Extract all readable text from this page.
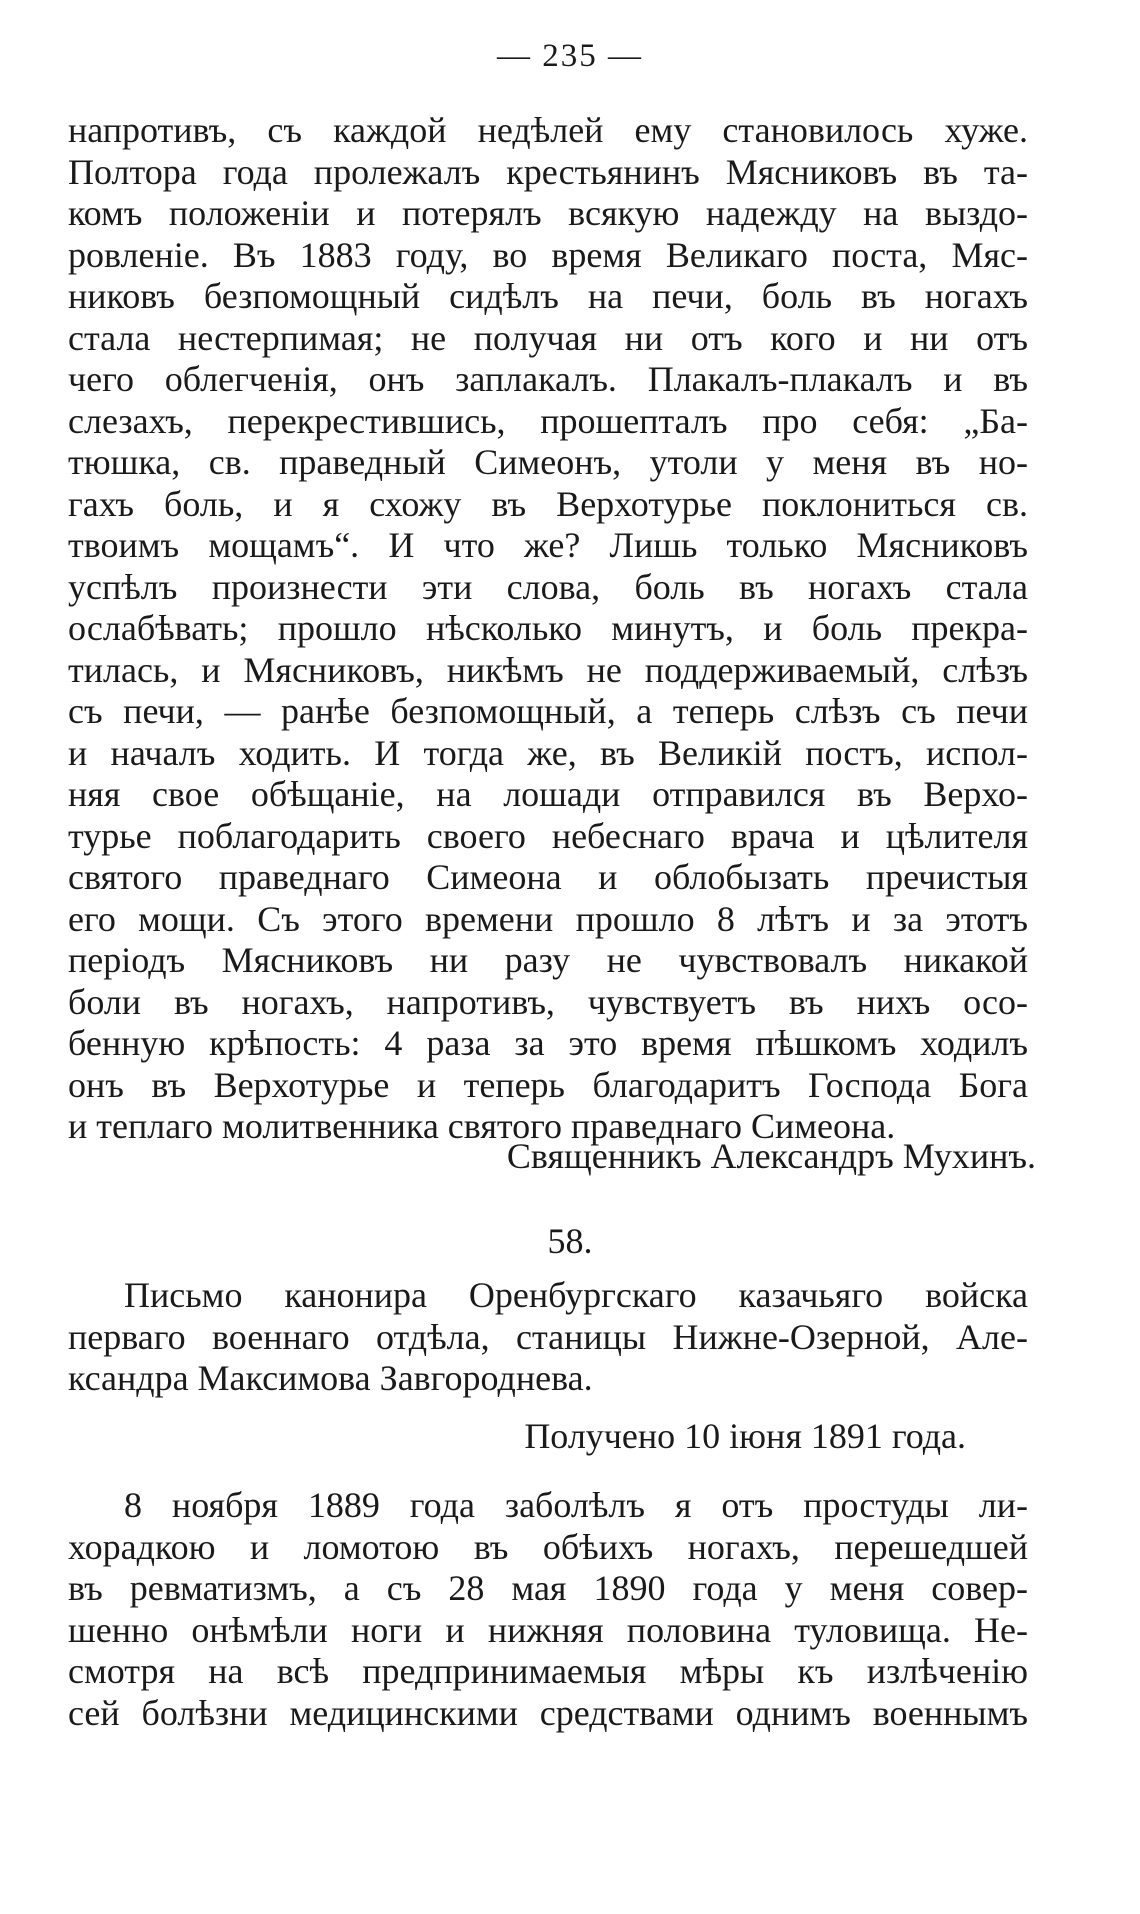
— 235 —
напротивъ, съ каждой недѣлей ему становилось хуже.
Полтора года пролежалъ крестьянинъ Мясниковъ въ та-
комъ положеніи и потерялъ всякую надежду на выздо-
ровленіе. Въ 1883 году, во время Великаго поста, Мяс-
никовъ безпомощный сидѣлъ на печи, боль въ ногахъ
стала нестерпимая; не получая ни отъ кого и ни отъ
чего облегченія, онъ заплакалъ. Плакалъ-плакалъ и въ
слезахъ, перекрестившись, прошепталъ про себя: „Ба-
тюшка, св. праведный Симеонъ, утоли у меня въ но-
гахъ боль, и я схожу въ Верхотурье поклониться св.
твоимъ мощамъ“. И что же? Лишь только Мясниковъ
успѣлъ произнести эти слова, боль въ ногахъ стала
ослабѣвать; прошло нѣсколько минутъ, и боль прекра-
тилась, и Мясниковъ, никѣмъ не поддерживаемый, слѣзъ
съ печи, — ранѣе безпомощный, а теперь слѣзъ съ печи
и началъ ходить. И тогда же, въ Великій постъ, испол-
няя свое обѣщаніе, на лошади отправился въ Верхо-
турье поблагодарить своего небеснаго врача и цѣлителя
святого праведнаго Симеона и облобызать пречистыя
его мощи. Съ этого времени прошло 8 лѣтъ и за этотъ
періодъ Мясниковъ ни разу не чувствовалъ никакой
боли въ ногахъ, напротивъ, чувствуетъ въ нихъ осо-
бенную крѣпость: 4 раза за это время пѣшкомъ ходилъ
онъ въ Верхотурье и теперь благодаритъ Господа Бога
и теплаго молитвенника святого праведнаго Симеона.
Священникъ Александръ Мухинъ.
58.
Письмо канонира Оренбургскаго казачьяго войска
перваго военнаго отдѣла, станицы Нижне-Озерной, Але-
ксандра Максимова Завгороднева.
Получено 10 іюня 1891 года.
8 ноября 1889 года заболѣлъ я отъ простуды ли-
хорадкою и ломотою въ обѣихъ ногахъ, перешедшей
въ ревматизмъ, а съ 28 мая 1890 года у меня совер-
шенно онѣмѣли ноги и нижняя половина туловища. Не-
смотря на всѣ предпринимаемыя мѣры къ излѣченію
сей болѣзни медицинскими средствами однимъ военнымъ
